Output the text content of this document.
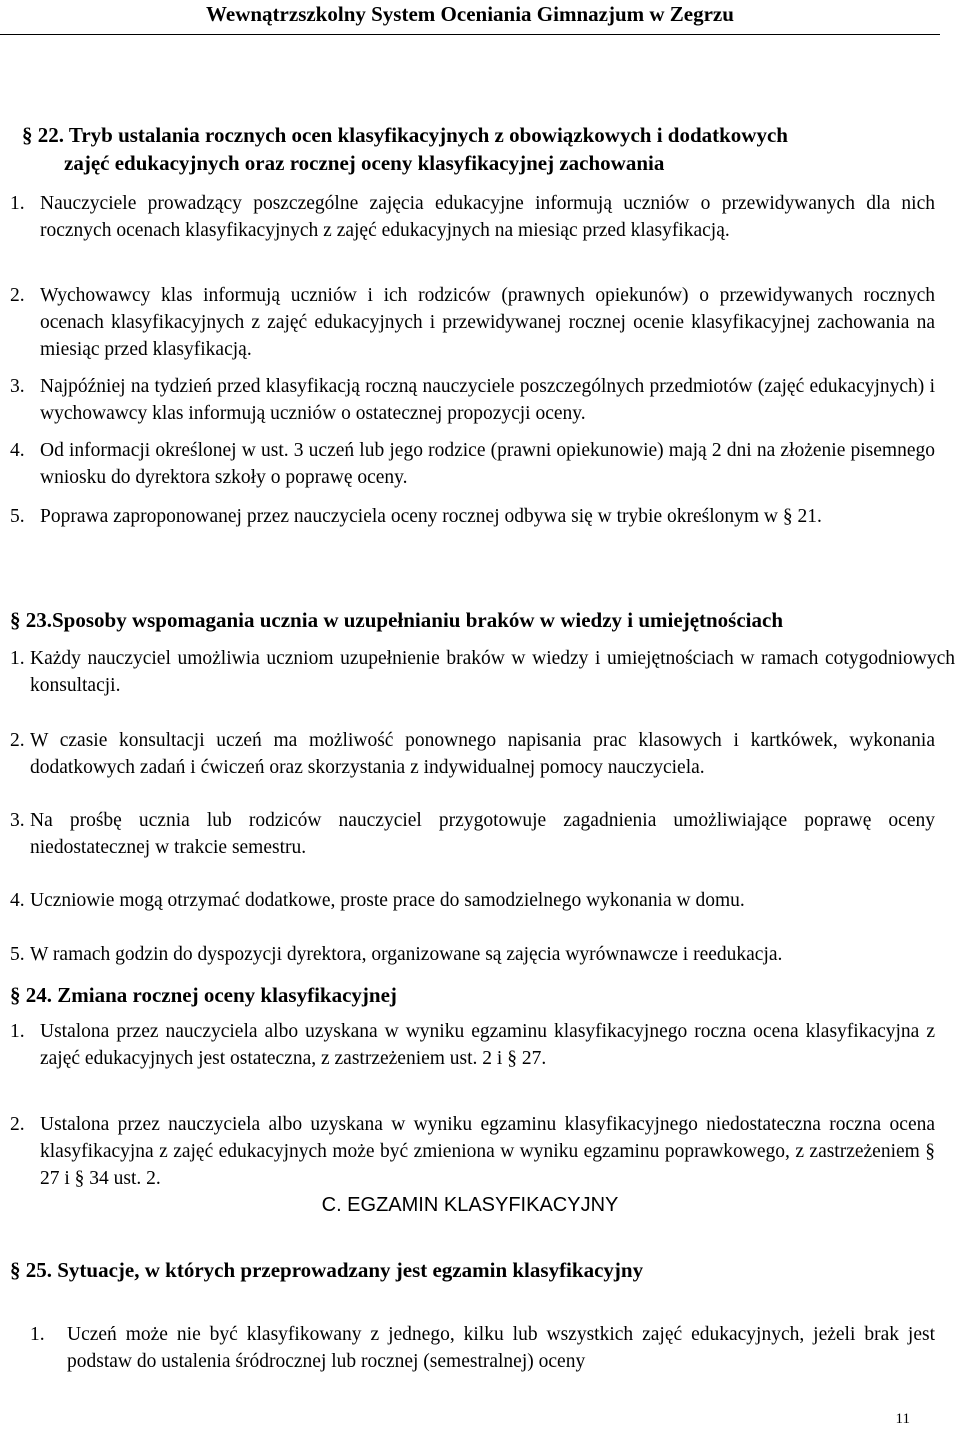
Wewnątrzszkolny System Oceniania Gimnazjum w Zegrzu
§ 22. Tryb ustalania rocznych ocen klasyfikacyjnych z obowiązkowych i dodatkowych
zajęć edukacyjnych oraz rocznej oceny klasyfikacyjnej zachowania
1. Nauczyciele prowadzący poszczególne zajęcia edukacyjne informują uczniów o przewidywanych dla nich rocznych ocenach klasyfikacyjnych z zajęć edukacyjnych na miesiąc przed klasyfikacją.
2. Wychowawcy klas informują uczniów i ich rodziców (prawnych opiekunów) o przewidywanych rocznych ocenach klasyfikacyjnych z zajęć edukacyjnych i przewidywanej rocznej ocenie klasyfikacyjnej zachowania na miesiąc przed klasyfikacją.
3. Najpóźniej na tydzień przed klasyfikacją roczną nauczyciele poszczególnych przedmiotów (zajęć edukacyjnych) i wychowawcy klas informują uczniów o ostatecznej propozycji oceny.
4. Od informacji określonej w ust. 3 uczeń lub jego rodzice (prawni opiekunowie) mają 2 dni na złożenie pisemnego wniosku do dyrektora szkoły o poprawę oceny.
5. Poprawa zaproponowanej przez nauczyciela oceny rocznej odbywa się w trybie określonym w § 21.
§ 23.Sposoby wspomagania ucznia w uzupełnianiu braków w wiedzy i umiejętnościach
1. Każdy nauczyciel umożliwia uczniom uzupełnienie braków w wiedzy i umiejętnościach w ramach cotygodniowych konsultacji.
2. W czasie konsultacji uczeń ma możliwość ponownego napisania prac klasowych i kartkówek, wykonania dodatkowych zadań i ćwiczeń oraz skorzystania z indywidualnej pomocy nauczyciela.
3. Na prośbę ucznia lub rodziców nauczyciel przygotowuje zagadnienia umożliwiające poprawę oceny niedostatecznej w trakcie semestru.
4. Uczniowie mogą otrzymać dodatkowe, proste prace do samodzielnego wykonania w domu.
5. W ramach godzin do dyspozycji dyrektora, organizowane są zajęcia wyrównawcze i reedukacja.
§ 24. Zmiana rocznej oceny klasyfikacyjnej
1. Ustalona przez nauczyciela albo uzyskana w wyniku egzaminu klasyfikacyjnego roczna ocena klasyfikacyjna z zajęć edukacyjnych jest ostateczna, z zastrzeżeniem ust. 2 i § 27.
2. Ustalona przez nauczyciela albo uzyskana w wyniku egzaminu klasyfikacyjnego niedostateczna roczna ocena klasyfikacyjna z zajęć edukacyjnych może być zmieniona w wyniku egzaminu poprawkowego, z zastrzeżeniem § 27 i § 34 ust. 2.
C. EGZAMIN KLASYFIKACYJNY
§ 25. Sytuacje, w których przeprowadzany jest egzamin klasyfikacyjny
1.	Uczeń może nie być klasyfikowany z jednego, kilku lub wszystkich zajęć edukacyjnych, jeżeli brak jest podstaw do ustalenia śródrocznej lub rocznej (semestralnej) oceny
11
